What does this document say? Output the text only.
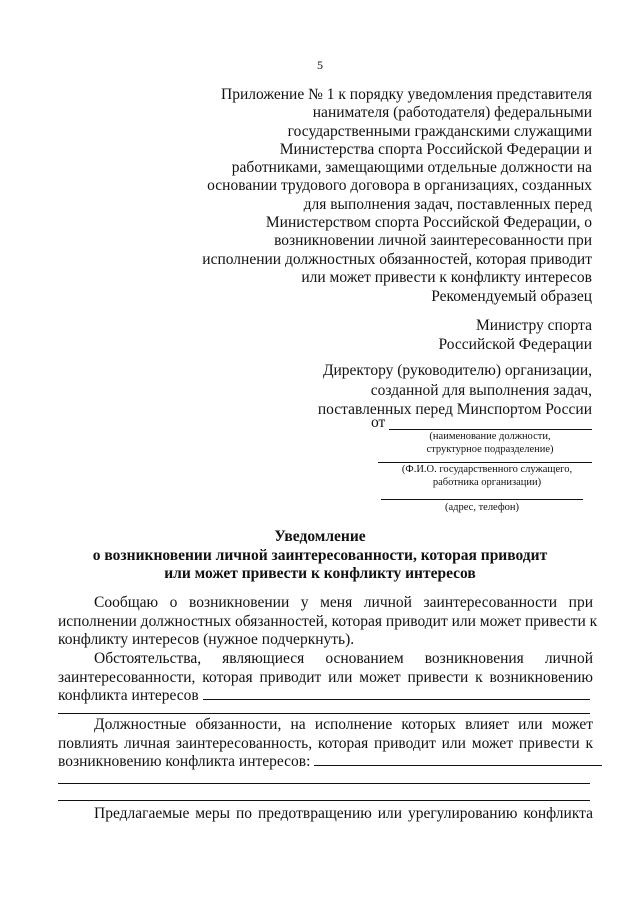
5
Приложение № 1 к порядку уведомления представителя
нанимателя (работодателя) федеральными
государственными гражданскими служащими
Министерства спорта Российской Федерации и
работниками, замещающими отдельные должности на
основании трудового договора в организациях, созданных
для выполнения задач, поставленных перед
Министерством спорта Российской Федерации, о
возникновении личной заинтересованности при
исполнении должностных обязанностей, которая приводит
или может привести к конфликту интересов
Рекомендуемый образец
Министру спорта
Российской Федерации
Директору (руководителю) организации,
созданной для выполнения задач,
поставленных перед Минспортом России
от
(наименование должности,
структурное подразделение)
(Ф.И.О. государственного служащего,
работника организации)
(адрес, телефон)
Уведомление
о возникновении личной заинтересованности, которая приводит
или может привести к конфликту интересов
Сообщаю о возникновении у меня личной заинтересованности при
исполнении должностных обязанностей, которая приводит или может привести к
конфликту интересов (нужное подчеркнуть).
Обстоятельства, являющиеся основанием возникновения личной
заинтересованности, которая приводит или может привести к возникновению
конфликта интересов
Должностные обязанности, на исполнение которых влияет или может
повлиять личная заинтересованность, которая приводит или может привести к
возникновению конфликта интересов:
Предлагаемые меры по предотвращению или урегулированию конфликта
